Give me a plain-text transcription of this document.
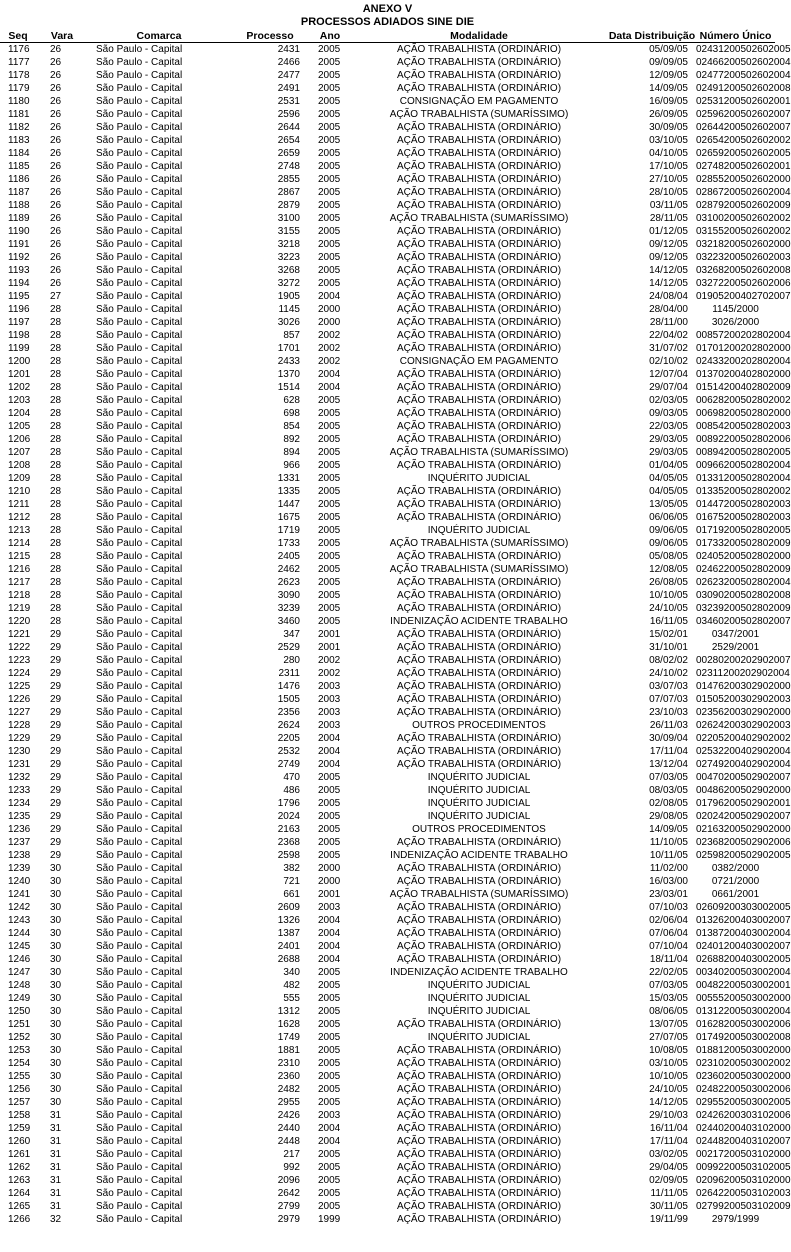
ANEXO V
PROCESSOS ADIADOS SINE DIE
Seq	Vara	Comarca	Processo	Ano	Modalidade	Data Distribuição	Número Único
1176	26	São Paulo - Capital	2431	2005	AÇÃO TRABALHISTA (ORDINÁRIO)	05/09/05	02431200502602005
1177	26	São Paulo - Capital	2466	2005	AÇÃO TRABALHISTA (ORDINÁRIO)	09/09/05	02466200502602004
1178	26	São Paulo - Capital	2477	2005	AÇÃO TRABALHISTA (ORDINÁRIO)	12/09/05	02477200502602004
1179	26	São Paulo - Capital	2491	2005	AÇÃO TRABALHISTA (ORDINÁRIO)	14/09/05	02491200502602008
1180	26	São Paulo - Capital	2531	2005	CONSIGNAÇÃO EM PAGAMENTO	16/09/05	02531200502602001
1181	26	São Paulo - Capital	2596	2005	AÇÃO TRABALHISTA (SUMARÍSSIMO)	26/09/05	02596200502602007
1182	26	São Paulo - Capital	2644	2005	AÇÃO TRABALHISTA (ORDINÁRIO)	30/09/05	02644200502602007
1183	26	São Paulo - Capital	2654	2005	AÇÃO TRABALHISTA (ORDINÁRIO)	03/10/05	02654200502602002
1184	26	São Paulo - Capital	2659	2005	AÇÃO TRABALHISTA (ORDINÁRIO)	04/10/05	02659200502602005
1185	26	São Paulo - Capital	2748	2005	AÇÃO TRABALHISTA (ORDINÁRIO)	17/10/05	02748200502602001
1186	26	São Paulo - Capital	2855	2005	AÇÃO TRABALHISTA (ORDINÁRIO)	27/10/05	02855200502602000
1187	26	São Paulo - Capital	2867	2005	AÇÃO TRABALHISTA (ORDINÁRIO)	28/10/05	02867200502602004
1188	26	São Paulo - Capital	2879	2005	AÇÃO TRABALHISTA (ORDINÁRIO)	03/11/05	02879200502602009
1189	26	São Paulo - Capital	3100	2005	AÇÃO TRABALHISTA (SUMARÍSSIMO)	28/11/05	03100200502602002
1190	26	São Paulo - Capital	3155	2005	AÇÃO TRABALHISTA (ORDINÁRIO)	01/12/05	03155200502602002
1191	26	São Paulo - Capital	3218	2005	AÇÃO TRABALHISTA (ORDINÁRIO)	09/12/05	03218200502602000
1192	26	São Paulo - Capital	3223	2005	AÇÃO TRABALHISTA (ORDINÁRIO)	09/12/05	03223200502602003
1193	26	São Paulo - Capital	3268	2005	AÇÃO TRABALHISTA (ORDINÁRIO)	14/12/05	03268200502602008
1194	26	São Paulo - Capital	3272	2005	AÇÃO TRABALHISTA (ORDINÁRIO)	14/12/05	03272200502602006
1195	27	São Paulo - Capital	1905	2004	AÇÃO TRABALHISTA (ORDINÁRIO)	24/08/04	01905200402702007
1196	28	São Paulo - Capital	1145	2000	AÇÃO TRABALHISTA (ORDINÁRIO)	28/04/00	1145/2000
1197	28	São Paulo - Capital	3026	2000	AÇÃO TRABALHISTA (ORDINÁRIO)	28/11/00	3026/2000
1198	28	São Paulo - Capital	857	2002	AÇÃO TRABALHISTA (ORDINÁRIO)	22/04/02	00857200202802004
1199	28	São Paulo - Capital	1701	2002	AÇÃO TRABALHISTA (ORDINÁRIO)	31/07/02	01701200202802000
1200	28	São Paulo - Capital	2433	2002	CONSIGNAÇÃO EM PAGAMENTO	02/10/02	02433200202802004
1201	28	São Paulo - Capital	1370	2004	AÇÃO TRABALHISTA (ORDINÁRIO)	12/07/04	01370200402802000
1202	28	São Paulo - Capital	1514	2004	AÇÃO TRABALHISTA (ORDINÁRIO)	29/07/04	01514200402802009
1203	28	São Paulo - Capital	628	2005	AÇÃO TRABALHISTA (ORDINÁRIO)	02/03/05	00628200502802002
1204	28	São Paulo - Capital	698	2005	AÇÃO TRABALHISTA (ORDINÁRIO)	09/03/05	00698200502802000
1205	28	São Paulo - Capital	854	2005	AÇÃO TRABALHISTA (ORDINÁRIO)	22/03/05	00854200502802003
1206	28	São Paulo - Capital	892	2005	AÇÃO TRABALHISTA (ORDINÁRIO)	29/03/05	00892200502802006
1207	28	São Paulo - Capital	894	2005	AÇÃO TRABALHISTA (SUMARÍSSIMO)	29/03/05	00894200502802005
1208	28	São Paulo - Capital	966	2005	AÇÃO TRABALHISTA (ORDINÁRIO)	01/04/05	00966200502802004
1209	28	São Paulo - Capital	1331	2005	INQUÉRITO JUDICIAL	04/05/05	01331200502802004
1210	28	São Paulo - Capital	1335	2005	AÇÃO TRABALHISTA (ORDINÁRIO)	04/05/05	01335200502802002
1211	28	São Paulo - Capital	1447	2005	AÇÃO TRABALHISTA (ORDINÁRIO)	13/05/05	01447200502802003
1212	28	São Paulo - Capital	1675	2005	AÇÃO TRABALHISTA (ORDINÁRIO)	06/06/05	01675200502802003
1213	28	São Paulo - Capital	1719	2005	INQUÉRITO JUDICIAL	09/06/05	01719200502802005
1214	28	São Paulo - Capital	1733	2005	AÇÃO TRABALHISTA (SUMARÍSSIMO)	09/06/05	01733200502802009
1215	28	São Paulo - Capital	2405	2005	AÇÃO TRABALHISTA (ORDINÁRIO)	05/08/05	02405200502802000
1216	28	São Paulo - Capital	2462	2005	AÇÃO TRABALHISTA (SUMARÍSSIMO)	12/08/05	02462200502802009
1217	28	São Paulo - Capital	2623	2005	AÇÃO TRABALHISTA (ORDINÁRIO)	26/08/05	02623200502802004
1218	28	São Paulo - Capital	3090	2005	AÇÃO TRABALHISTA (ORDINÁRIO)	10/10/05	03090200502802008
1219	28	São Paulo - Capital	3239	2005	AÇÃO TRABALHISTA (ORDINÁRIO)	24/10/05	03239200502802009
1220	28	São Paulo - Capital	3460	2005	INDENIZAÇÃO ACIDENTE TRABALHO	16/11/05	03460200502802007
1221	29	São Paulo - Capital	347	2001	AÇÃO TRABALHISTA (ORDINÁRIO)	15/02/01	0347/2001
1222	29	São Paulo - Capital	2529	2001	AÇÃO TRABALHISTA (ORDINÁRIO)	31/10/01	2529/2001
1223	29	São Paulo - Capital	280	2002	AÇÃO TRABALHISTA (ORDINÁRIO)	08/02/02	00280200202902007
1224	29	São Paulo - Capital	2311	2002	AÇÃO TRABALHISTA (ORDINÁRIO)	24/10/02	02311200202902004
1225	29	São Paulo - Capital	1476	2003	AÇÃO TRABALHISTA (ORDINÁRIO)	03/07/03	01476200302902000
1226	29	São Paulo - Capital	1505	2003	AÇÃO TRABALHISTA (ORDINÁRIO)	07/07/03	01505200302902003
1227	29	São Paulo - Capital	2356	2003	AÇÃO TRABALHISTA (ORDINÁRIO)	23/10/03	02356200302902000
1228	29	São Paulo - Capital	2624	2003	OUTROS PROCEDIMENTOS	26/11/03	02624200302902003
1229	29	São Paulo - Capital	2205	2004	AÇÃO TRABALHISTA (ORDINÁRIO)	30/09/04	02205200402902002
1230	29	São Paulo - Capital	2532	2004	AÇÃO TRABALHISTA (ORDINÁRIO)	17/11/04	02532200402902004
1231	29	São Paulo - Capital	2749	2004	AÇÃO TRABALHISTA (ORDINÁRIO)	13/12/04	02749200402902004
1232	29	São Paulo - Capital	470	2005	INQUÉRITO JUDICIAL	07/03/05	00470200502902007
1233	29	São Paulo - Capital	486	2005	INQUÉRITO JUDICIAL	08/03/05	00486200502902000
1234	29	São Paulo - Capital	1796	2005	INQUÉRITO JUDICIAL	02/08/05	01796200502902001
1235	29	São Paulo - Capital	2024	2005	INQUÉRITO JUDICIAL	29/08/05	02024200502902007
1236	29	São Paulo - Capital	2163	2005	OUTROS PROCEDIMENTOS	14/09/05	02163200502902000
1237	29	São Paulo - Capital	2368	2005	AÇÃO TRABALHISTA (ORDINÁRIO)	11/10/05	02368200502902006
1238	29	São Paulo - Capital	2598	2005	INDENIZAÇÃO ACIDENTE TRABALHO	10/11/05	02598200502902005
1239	30	São Paulo - Capital	382	2000	AÇÃO TRABALHISTA (ORDINÁRIO)	11/02/00	0382/2000
1240	30	São Paulo - Capital	721	2000	AÇÃO TRABALHISTA (ORDINÁRIO)	16/03/00	0721/2000
1241	30	São Paulo - Capital	661	2001	AÇÃO TRABALHISTA (SUMARÍSSIMO)	23/03/01	0661/2001
1242	30	São Paulo - Capital	2609	2003	AÇÃO TRABALHISTA (ORDINÁRIO)	07/10/03	02609200303002005
1243	30	São Paulo - Capital	1326	2004	AÇÃO TRABALHISTA (ORDINÁRIO)	02/06/04	01326200403002007
1244	30	São Paulo - Capital	1387	2004	AÇÃO TRABALHISTA (ORDINÁRIO)	07/06/04	01387200403002004
1245	30	São Paulo - Capital	2401	2004	AÇÃO TRABALHISTA (ORDINÁRIO)	07/10/04	02401200403002007
1246	30	São Paulo - Capital	2688	2004	AÇÃO TRABALHISTA (ORDINÁRIO)	18/11/04	02688200403002005
1247	30	São Paulo - Capital	340	2005	INDENIZAÇÃO ACIDENTE TRABALHO	22/02/05	00340200503002004
1248	30	São Paulo - Capital	482	2005	INQUÉRITO JUDICIAL	07/03/05	00482200503002001
1249	30	São Paulo - Capital	555	2005	INQUÉRITO JUDICIAL	15/03/05	00555200503002000
1250	30	São Paulo - Capital	1312	2005	INQUÉRITO JUDICIAL	08/06/05	01312200503002004
1251	30	São Paulo - Capital	1628	2005	AÇÃO TRABALHISTA (ORDINÁRIO)	13/07/05	01628200503002006
1252	30	São Paulo - Capital	1749	2005	INQUÉRITO JUDICIAL	27/07/05	01749200503002008
1253	30	São Paulo - Capital	1881	2005	AÇÃO TRABALHISTA (ORDINÁRIO)	10/08/05	01881200503002000
1254	30	São Paulo - Capital	2310	2005	AÇÃO TRABALHISTA (ORDINÁRIO)	03/10/05	02310200503002002
1255	30	São Paulo - Capital	2360	2005	AÇÃO TRABALHISTA (ORDINÁRIO)	10/10/05	02360200503002000
1256	30	São Paulo - Capital	2482	2005	AÇÃO TRABALHISTA (ORDINÁRIO)	24/10/05	02482200503002006
1257	30	São Paulo - Capital	2955	2005	AÇÃO TRABALHISTA (ORDINÁRIO)	14/12/05	02955200503002005
1258	31	São Paulo - Capital	2426	2003	AÇÃO TRABALHISTA (ORDINÁRIO)	29/10/03	02426200303102006
1259	31	São Paulo - Capital	2440	2004	AÇÃO TRABALHISTA (ORDINÁRIO)	16/11/04	02440200403102000
1260	31	São Paulo - Capital	2448	2004	AÇÃO TRABALHISTA (ORDINÁRIO)	17/11/04	02448200403102007
1261	31	São Paulo - Capital	217	2005	AÇÃO TRABALHISTA (ORDINÁRIO)	03/02/05	00217200503102000
1262	31	São Paulo - Capital	992	2005	AÇÃO TRABALHISTA (ORDINÁRIO)	29/04/05	00992200503102005
1263	31	São Paulo - Capital	2096	2005	AÇÃO TRABALHISTA (ORDINÁRIO)	02/09/05	02096200503102000
1264	31	São Paulo - Capital	2642	2005	AÇÃO TRABALHISTA (ORDINÁRIO)	11/11/05	02642200503102003
1265	31	São Paulo - Capital	2799	2005	AÇÃO TRABALHISTA (ORDINÁRIO)	30/11/05	02799200503102009
1266	32	São Paulo - Capital	2979	1999	AÇÃO TRABALHISTA (ORDINÁRIO)	19/11/99	2979/1999
